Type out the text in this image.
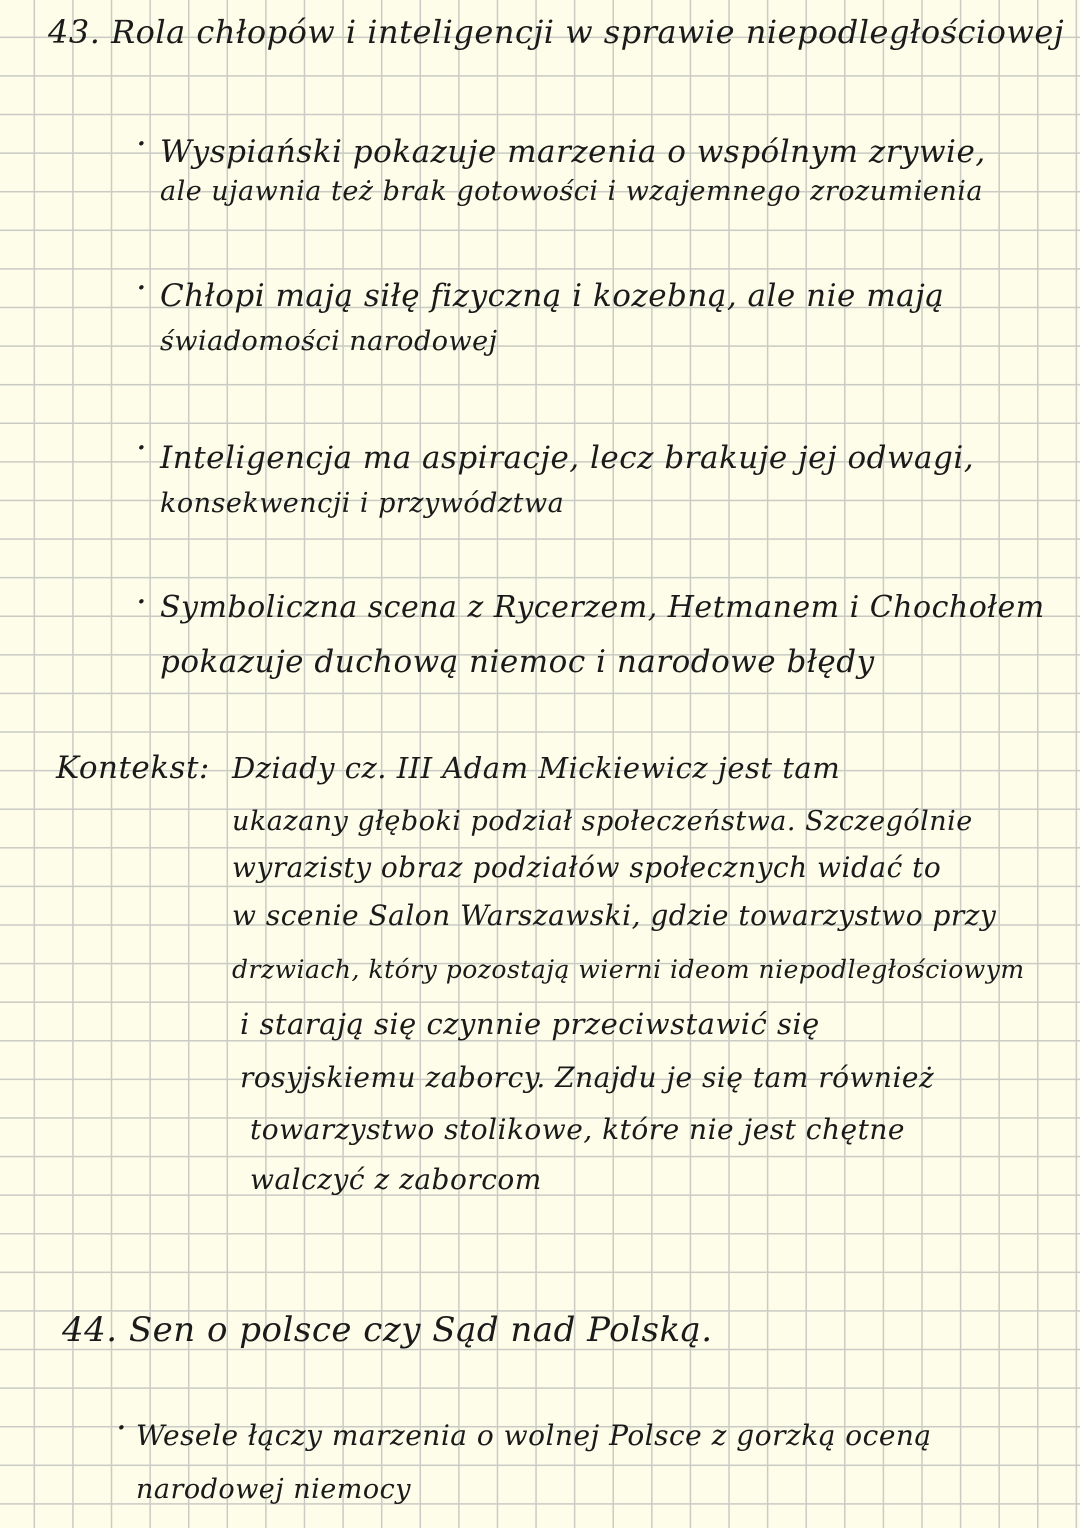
43. Rola chłopów i inteligencji w sprawie niepodległościowej
· Wyspiański pokazuje marzenia o wspólnym zrywie,
ale ujawnia też brak gotowości i wzajemnego zrozumienia
· Chłopi mają siłę fizyczną i kozebną, ale nie mają
świadomości narodowej
· Inteligencja ma aspiracje, lecz brakuje jej odwagi,
konsekwencji i przywództwa
· Symboliczna scena z Rycerzem, Hetmanem i Chochołem
pokazuje duchową niemoc i narodowe błędy
Kontekst: Dziady cz. III Adam Mickiewicz jest tam
ukazany głęboki podział społeczeństwa. Szczególnie
wyrazisty obraz podziałów społecznych widać to
w scenie Salon Warszawski, gdzie towarzystwo przy
drzwiach, który pozostają wierni ideom niepodległościowym
i starają się czynnie przeciwstawić się
rosyjskiemu zaborcy. Znajdu je się tam również
towarzystwo stolikowe, które nie jest chętne
walczyć z zaborcom
44. Sen o polsce czy Sąd nad Polską.
· Wesele łączy marzenia o wolnej Polsce z gorzką oceną
narodowej niemocy
